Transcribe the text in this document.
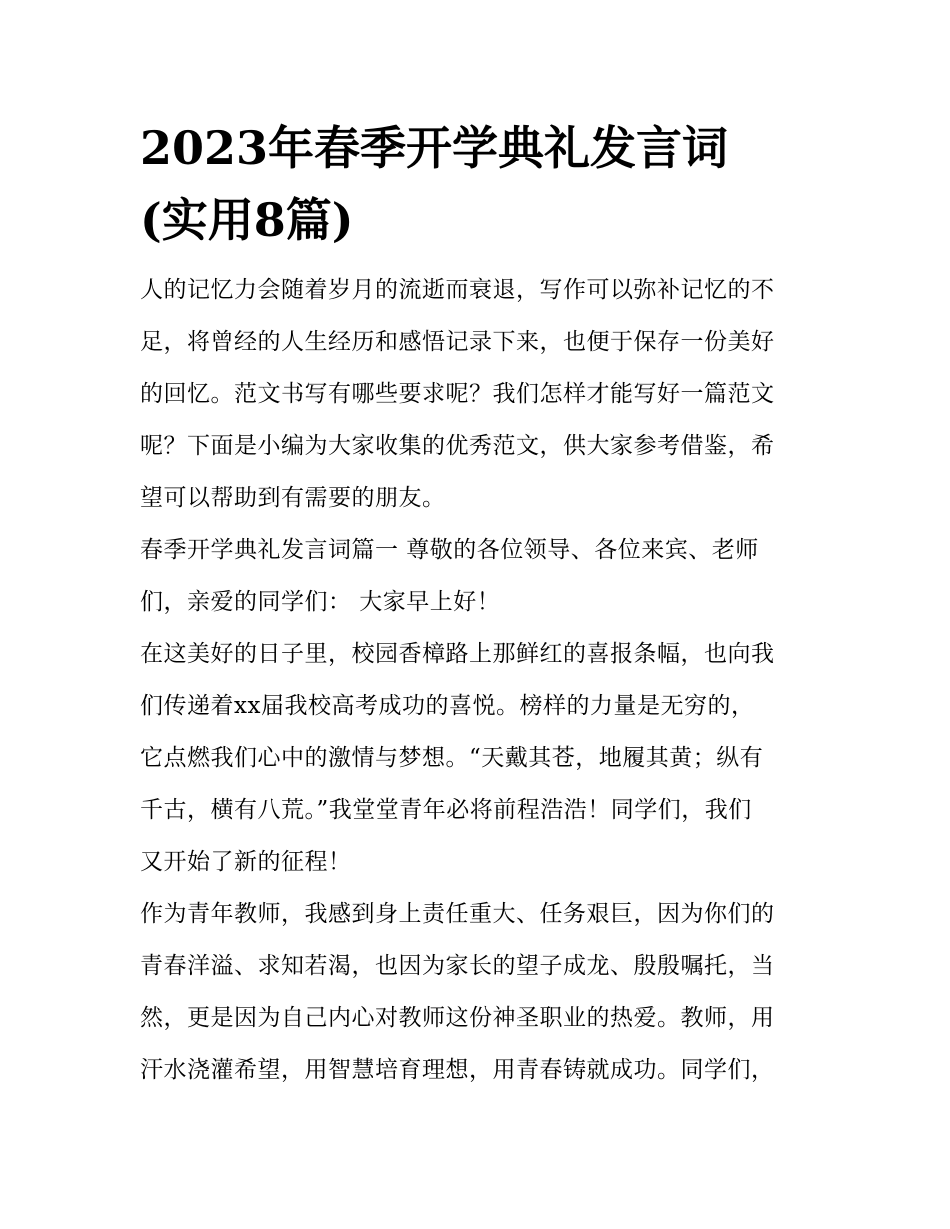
2023年春季开学典礼发言词
(实用8篇)

人的记忆力会随着岁月的流逝而衰退，写作可以弥补记忆的不
足，将曾经的人生经历和感悟记录下来，也便于保存一份美好
的回忆。范文书写有哪些要求呢？我们怎样才能写好一篇范文
呢？下面是小编为大家收集的优秀范文，供大家参考借鉴，希
望可以帮助到有需要的朋友。

春季开学典礼发言词篇一 尊敬的各位领导、各位来宾、老师
们，亲爱的同学们： 大家早上好！

在这美好的日子里，校园香樟路上那鲜红的喜报条幅，也向我
们传递着xx届我校高考成功的喜悦。榜样的力量是无穷的，
它点燃我们心中的激情与梦想。“天戴其苍，地履其黄；纵有
千古，横有八荒。”我堂堂青年必将前程浩浩！同学们，我们
又开始了新的征程！

作为青年教师，我感到身上责任重大、任务艰巨，因为你们的
青春洋溢、求知若渴，也因为家长的望子成龙、殷殷嘱托，当
然，更是因为自己内心对教师这份神圣职业的热爱。教师，用
汗水浇灌希望，用智慧培育理想，用青春铸就成功。同学们，
